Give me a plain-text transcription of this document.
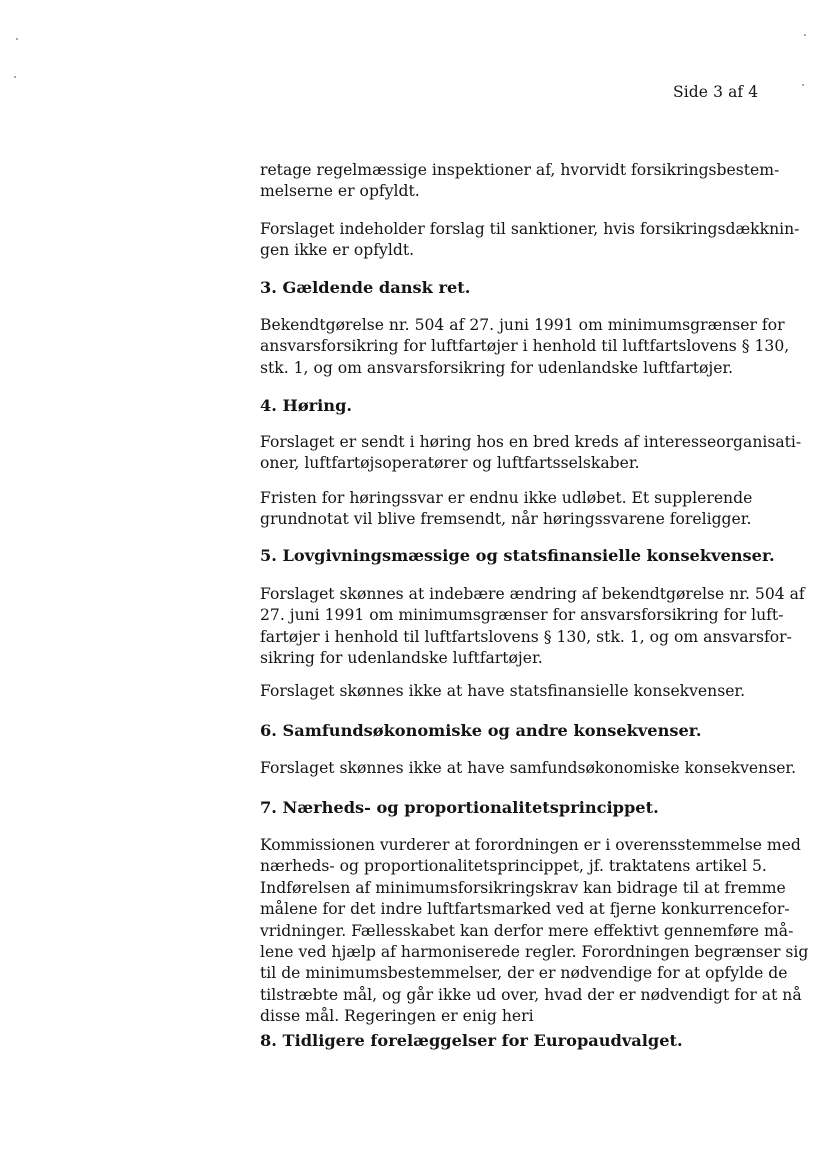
Side 3 af 4

retage regelmæssige inspektioner af, hvorvidt forsikringsbestem-
melserne er opfyldt.

Forslaget indeholder forslag til sanktioner, hvis forsikringsdækknin-
gen ikke er opfyldt.

3. Gældende dansk ret.

Bekendtgørelse nr. 504 af 27. juni 1991 om minimumsgrænser for
ansvarsforsikring for luftfartøjer i henhold til luftfartslovens § 130,
stk. 1, og om ansvarsforsikring for udenlandske luftfartøjer.

4. Høring.

Forslaget er sendt i høring hos en bred kreds af interesseorganisati-
oner, luftfartøjsoperatører og luftfartsselskaber.

Fristen for høringssvar er endnu ikke udløbet. Et supplerende
grundnotat vil blive fremsendt, når høringssvarene foreligger.

5. Lovgivningsmæssige og statsfinansielle konsekvenser.

Forslaget skønnes at indebære ændring af bekendtgørelse nr. 504 af
27. juni 1991 om minimumsgrænser for ansvarsforsikring for luft-
fartøjer i henhold til luftfartslovens § 130, stk. 1, og om ansvarsfor-
sikring for udenlandske luftfartøjer.

Forslaget skønnes ikke at have statsfinansielle konsekvenser.

6. Samfundsøkonomiske og andre konsekvenser.

Forslaget skønnes ikke at have samfundsøkonomiske konsekvenser.

7. Nærheds- og proportionalitetsprincippet.

Kommissionen vurderer at forordningen er i overensstemmelse med
nærheds- og proportionalitetsprincippet, jf. traktatens artikel 5.
Indførelsen af minimumsforsikringskrav kan bidrage til at fremme
målene for det indre luftfartsmarked ved at fjerne konkurrencefor-
vridninger. Fællesskabet kan derfor mere effektivt gennemføre må-
lene ved hjælp af harmoniserede regler. Forordningen begrænser sig
til de minimumsbestemmelser, der er nødvendige for at opfylde de
tilstræbte mål, og går ikke ud over, hvad der er nødvendigt for at nå
disse mål. Regeringen er enig heri

8. Tidligere forelæggelser for Europaudvalget.
